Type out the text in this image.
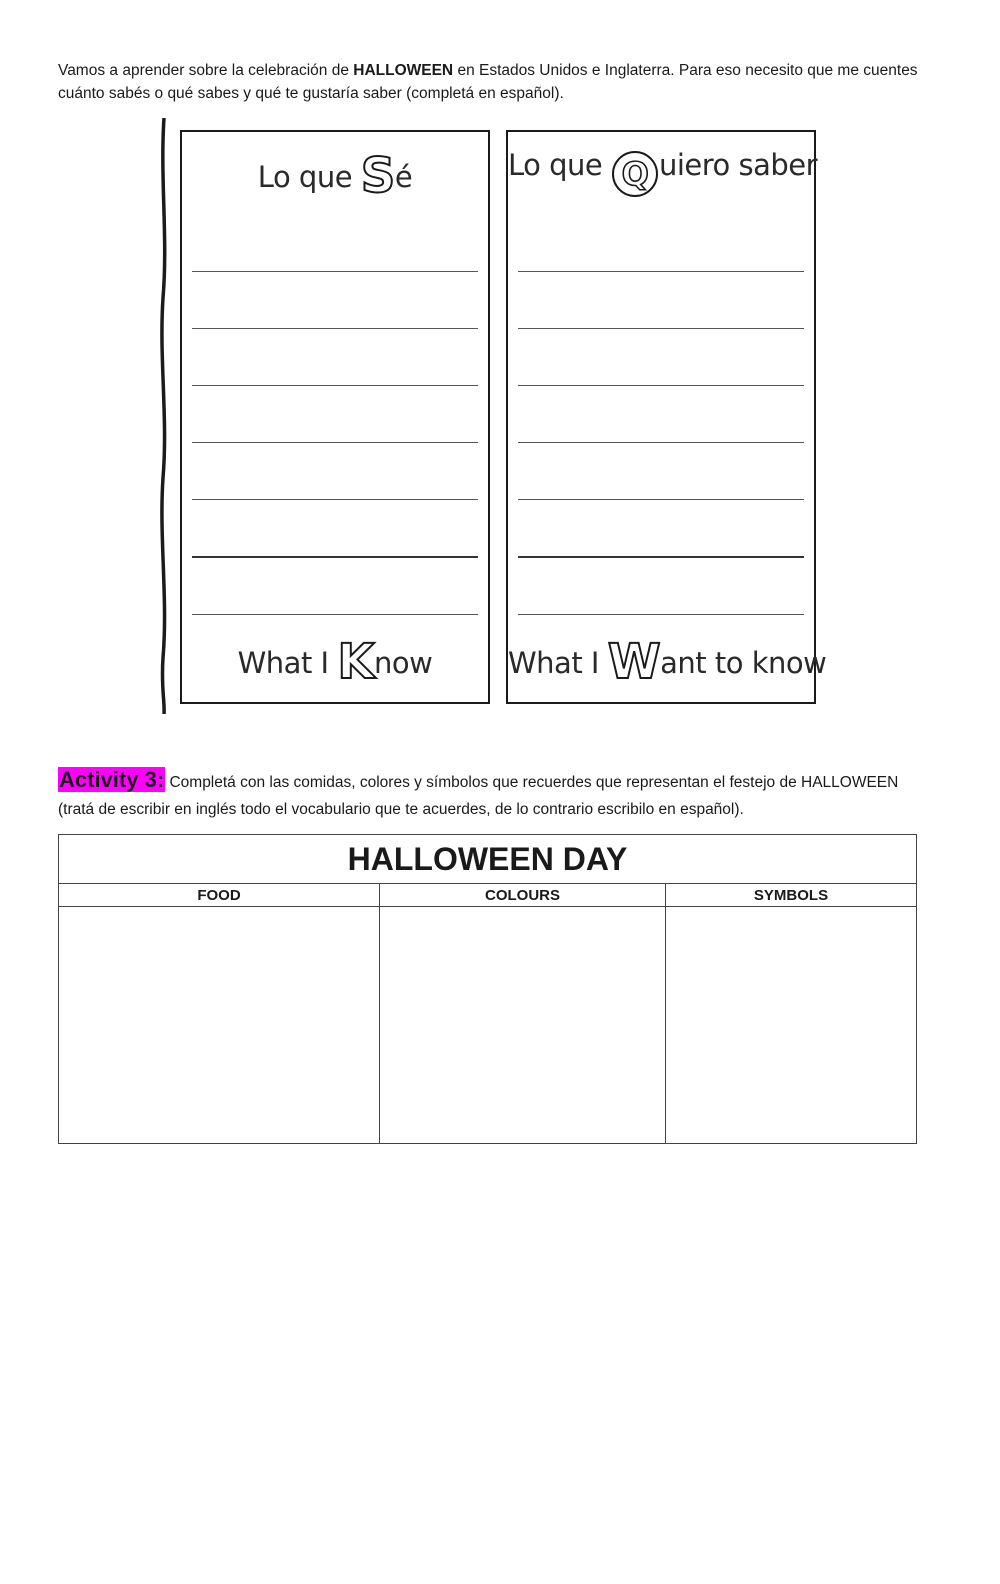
Vamos a aprender sobre la celebración de HALLOWEEN en Estados Unidos e Inglaterra. Para eso necesito que me cuentes cuánto sabés o qué sabes y qué te gustaría saber (completá en español).

Lo que Sé
What I Know
Lo que Q uiero saber
What I Want to know

Activity 3: Completá con las comidas, colores y símbolos que recuerdes que representan el festejo de HALLOWEEN (tratá de escribir en inglés todo el vocabulario que te acuerdes, de lo contrario escribilo en español).

HALLOWEEN DAY		
FOOD	COLOURS	SYMBOLS
